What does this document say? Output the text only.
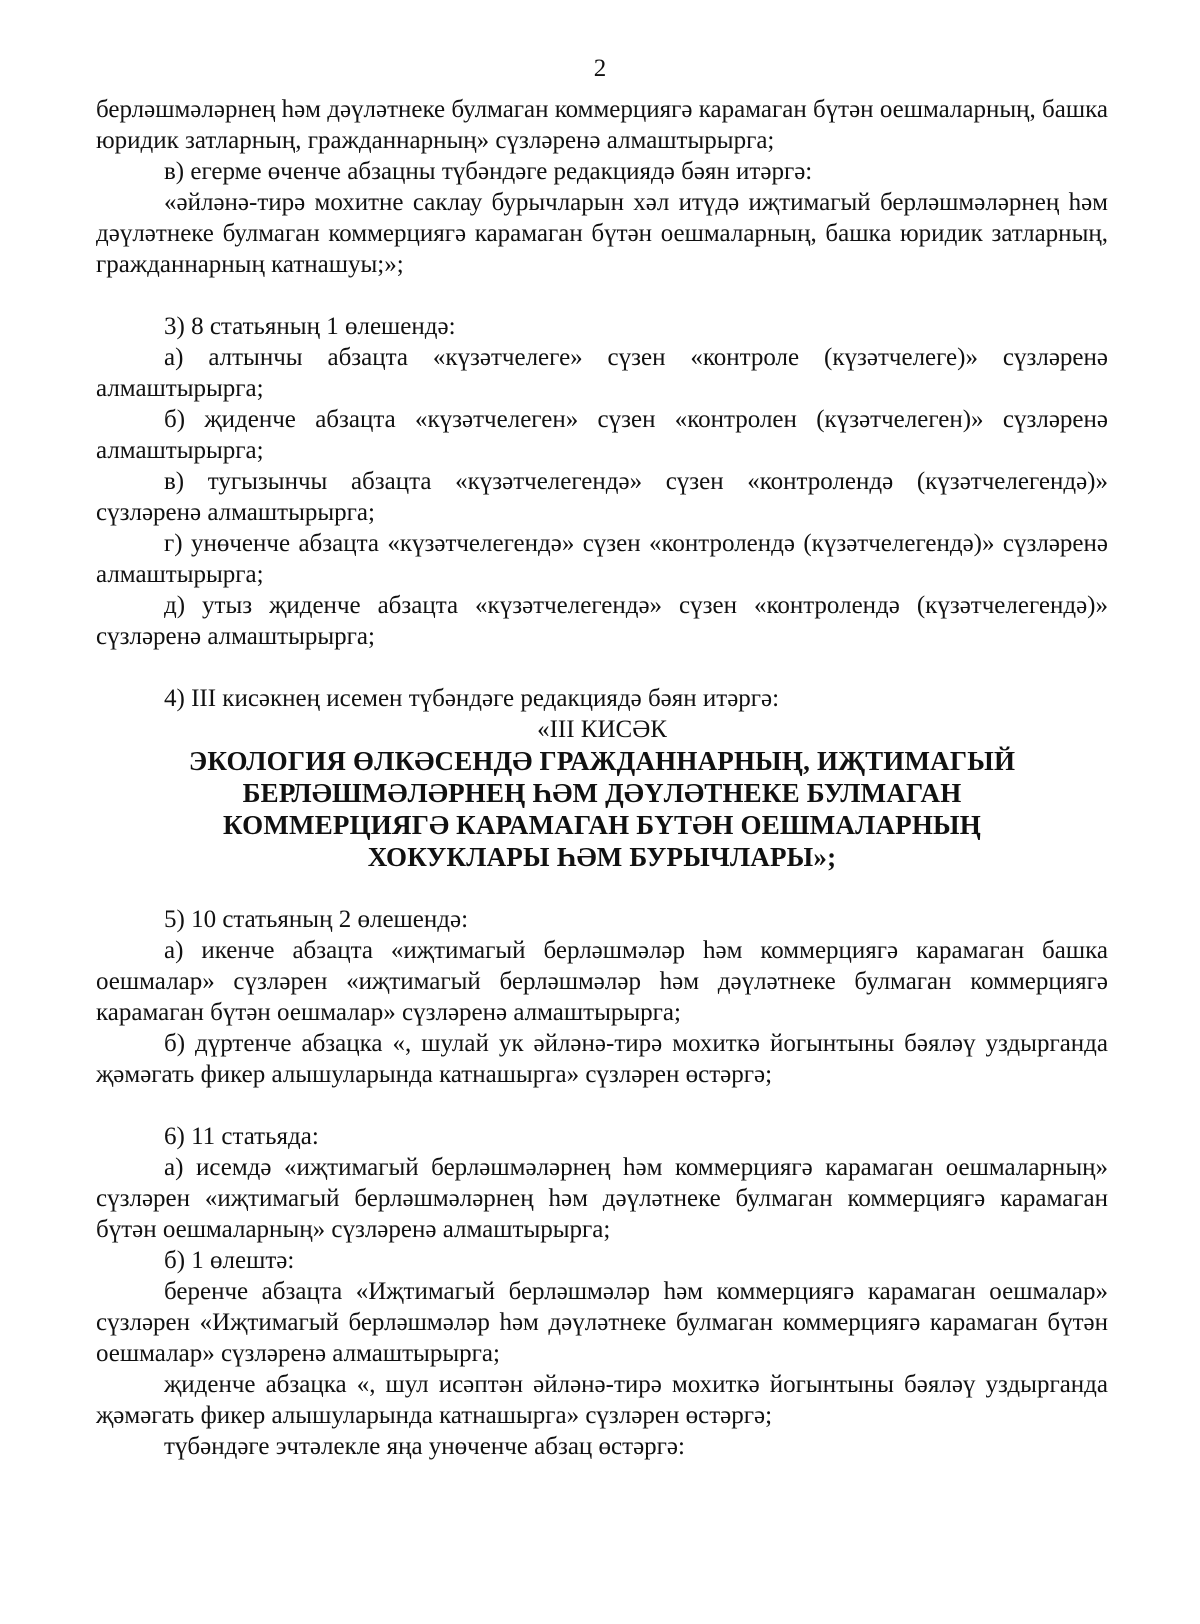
2

берләшмәләрнең һәм дәүләтнеке булмаган коммерциягә карамаган бүтән оешмаларның, башка юридик затларның, гражданнарның» сүзләренә алмаштырырга;

в) егерме өченче абзацны түбәндәге редакциядә бәян итәргә:

«әйләнә-тирә мохитне саклау бурычларын хәл итүдә иҗтимагый берләшмәләрнең һәм дәүләтнеке булмаган коммерциягә карамаган бүтән оешмаларның, башка юридик затларның, гражданнарның катнашуы;»;

3) 8 статьяның 1 өлешендә:

а) алтынчы абзацта «күзәтчелеге» сүзен «контроле (күзәтчелеге)» сүзләренә алмаштырырга;

б) җиденче абзацта «күзәтчелеген» сүзен «контролен (күзәтчелеген)» сүзләренә алмаштырырга;

в) тугызынчы абзацта «күзәтчелегендә» сүзен «контролендә (күзәтчелегендә)» сүзләренә алмаштырырга;

г) унөченче абзацта «күзәтчелегендә» сүзен «контролендә (күзәтчелегендә)» сүзләренә алмаштырырга;

д) утыз җиденче абзацта «күзәтчелегендә» сүзен «контролендә (күзәтчелегендә)» сүзләренә алмаштырырга;

4) III кисәкнең исемен түбәндәге редакциядә бәян итәргә:

«III КИСӘК

ЭКОЛОГИЯ ӨЛКӘСЕНДӘ ГРАЖДАННАРНЫҢ, ИҖТИМАГЫЙ БЕРЛӘШМӘЛӘРНЕҢ ҺӘМ ДӘҮЛӘТНЕКЕ БУЛМАГАН КОММЕРЦИЯГӘ КАРАМАГАН БҮТӘН ОЕШМАЛАРНЫҢ ХОКУКЛАРЫ ҺӘМ БУРЫЧЛАРЫ»;

5) 10 статьяның 2 өлешендә:

а) икенче абзацта «иҗтимагый берләшмәләр һәм коммерциягә карамаган башка оешмалар» сүзләрен «иҗтимагый берләшмәләр һәм дәүләтнеке булмаган коммерциягә карамаган бүтән оешмалар» сүзләренә алмаштырырга;

б) дүртенче абзацка «, шулай ук әйләнә-тирә мохиткә йогынтыны бәяләү уздырганда җәмәгать фикер алышуларында катнашырга» сүзләрен өстәргә;

6) 11 статьяда:

а) исемдә «иҗтимагый берләшмәләрнең һәм коммерциягә карамаган оешмаларның» сүзләрен «иҗтимагый берләшмәләрнең һәм дәүләтнеке булмаган коммерциягә карамаган бүтән оешмаларның» сүзләренә алмаштырырга;

б) 1 өлештә:

беренче абзацта «Иҗтимагый берләшмәләр һәм коммерциягә карамаган оешмалар» сүзләрен «Иҗтимагый берләшмәләр һәм дәүләтнеке булмаган коммерциягә карамаган бүтән оешмалар» сүзләренә алмаштырырга;

җиденче абзацка «, шул исәптән әйләнә-тирә мохиткә йогынтыны бәяләү уздырганда җәмәгать фикер алышуларында катнашырга» сүзләрен өстәргә;

түбәндәге эчтәлекле яңа унөченче абзац өстәргә:
